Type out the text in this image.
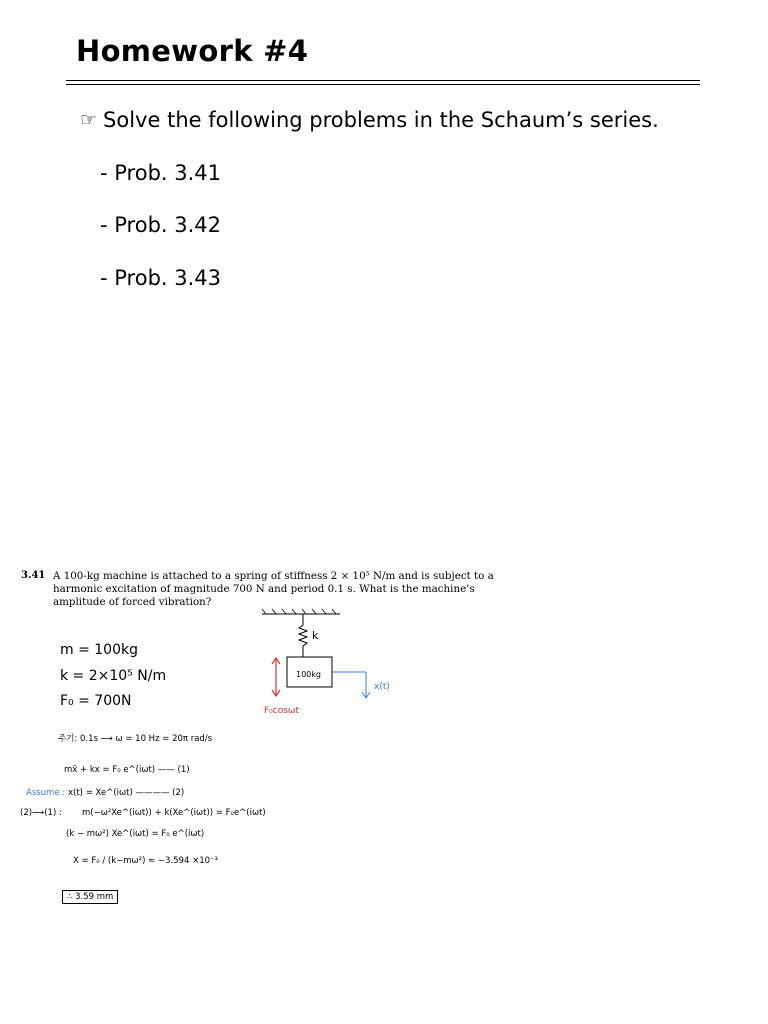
Homework #4
☞ Solve the following problems in the Schaum’s series.
- Prob. 3.41
- Prob. 3.42
- Prob. 3.43
3.41 A 100-kg machine is attached to a spring of stiffness 2 × 10⁵ N/m and is subject to a harmonic excitation of magnitude 700 N and period 0.1 s. What is the machine’s amplitude of forced vibration?
m = 100kg
k = 2×10⁵ N/m
F₀ = 700N
k
100kg
F₀cosωt
x(t)
주기: 0.1s ⟶ ω = 10 Hz = 20π rad/s
mẍ + kx = F₀ e^(iωt) —— (1)
Assume : x(t) = Xe^(iωt) ———— (2)
(2)⟶(1) : m(−ω²Xe^(iωt)) + k(Xe^(iωt)) = F₀e^(iωt)
(k − mω²) Xe^(iωt) = F₀ e^(iωt)
X = F₀ / (k−mω²) ≈ −3.594 ×10⁻³
∴ 3.59 mm
